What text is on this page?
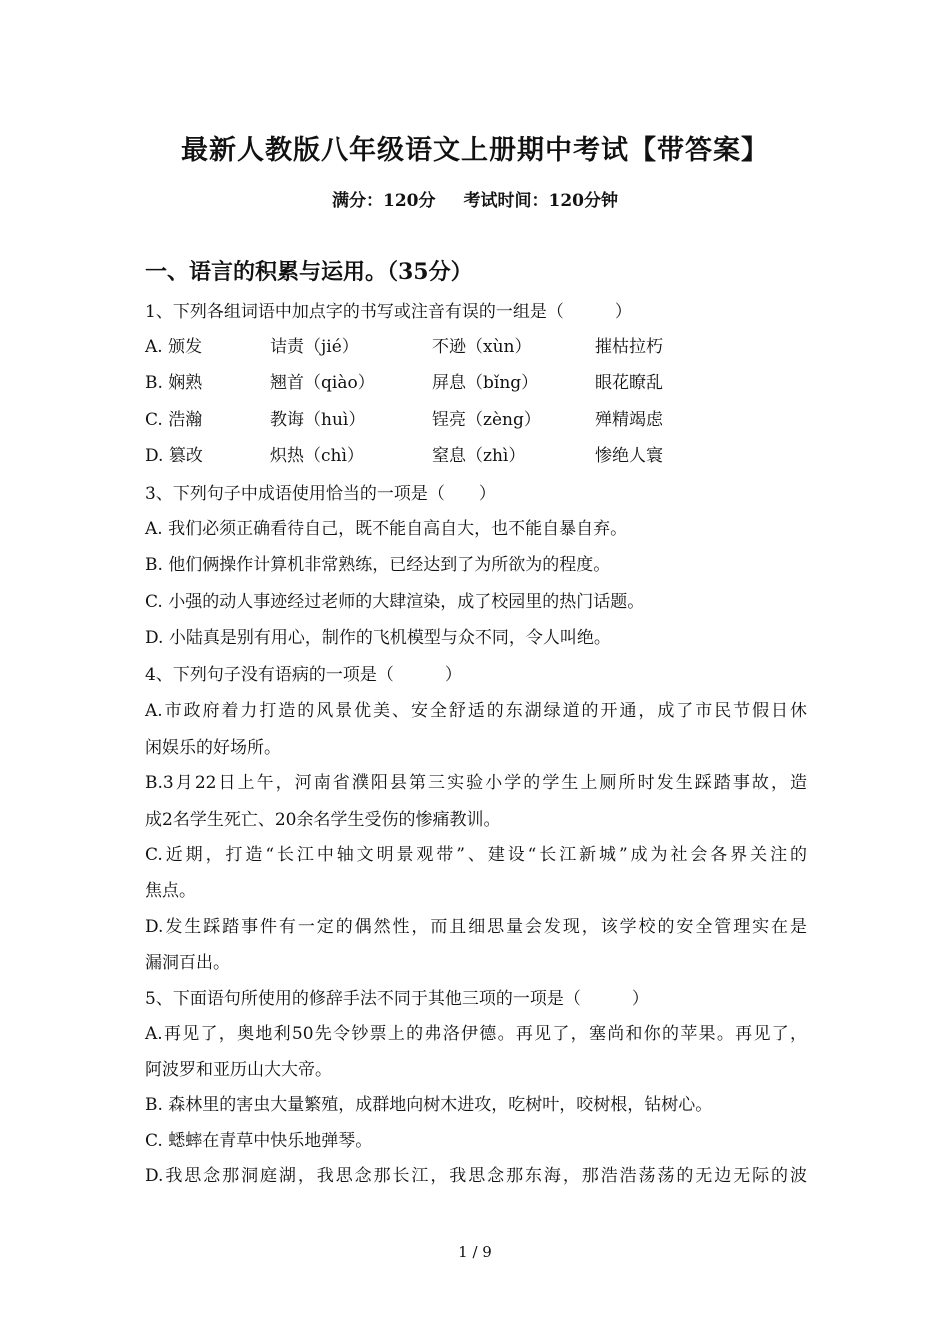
最新人教版八年级语文上册期中考试【带答案】
满分：120分 考试时间：120分钟
一、语言的积累与运用。（35分）
1、下列各组词语中加点字的书写或注音有误的一组是（　　　）
A. 颁发	诘责（jié）	不逊（xùn）	摧枯拉朽
B. 娴熟	翘首（qiào）	屏息（bǐng）	眼花瞭乱
C. 浩瀚	教诲（huì）	锃亮（zèng）	殚精竭虑
D. 篡改	炽热（chì）	窒息（zhì）	惨绝人寰
3、下列句子中成语使用恰当的一项是（　　）
A. 我们必须正确看待自己，既不能自高自大，也不能自暴自弃。
B. 他们俩操作计算机非常熟练，已经达到了为所欲为的程度。
C. 小强的动人事迹经过老师的大肆渲染，成了校园里的热门话题。
D. 小陆真是别有用心，制作的飞机模型与众不同，令人叫绝。
4、下列句子没有语病的一项是（　　　）
A.市政府着力打造的风景优美、安全舒适的东湖绿道的开通，成了市民节假日休
闲娱乐的好场所。
B.3月22日上午，河南省濮阳县第三实验小学的学生上厕所时发生踩踏事故，造
成2名学生死亡、20余名学生受伤的惨痛教训。
C.近期，打造“长江中轴文明景观带”、建设“长江新城”成为社会各界关注的
焦点。
D.发生踩踏事件有一定的偶然性，而且细思量会发现，该学校的安全管理实在是
漏洞百出。
5、下面语句所使用的修辞手法不同于其他三项的一项是（　　　）
A.再见了，奥地利50先令钞票上的弗洛伊德。再见了，塞尚和你的苹果。再见了，
阿波罗和亚历山大大帝。
B. 森林里的害虫大量繁殖，成群地向树木进攻，吃树叶，咬树根，钻树心。
C. 蟋蟀在青草中快乐地弹琴。
D.我思念那洞庭湖，我思念那长江，我思念那东海，那浩浩荡荡的无边无际的波
1 / 9
